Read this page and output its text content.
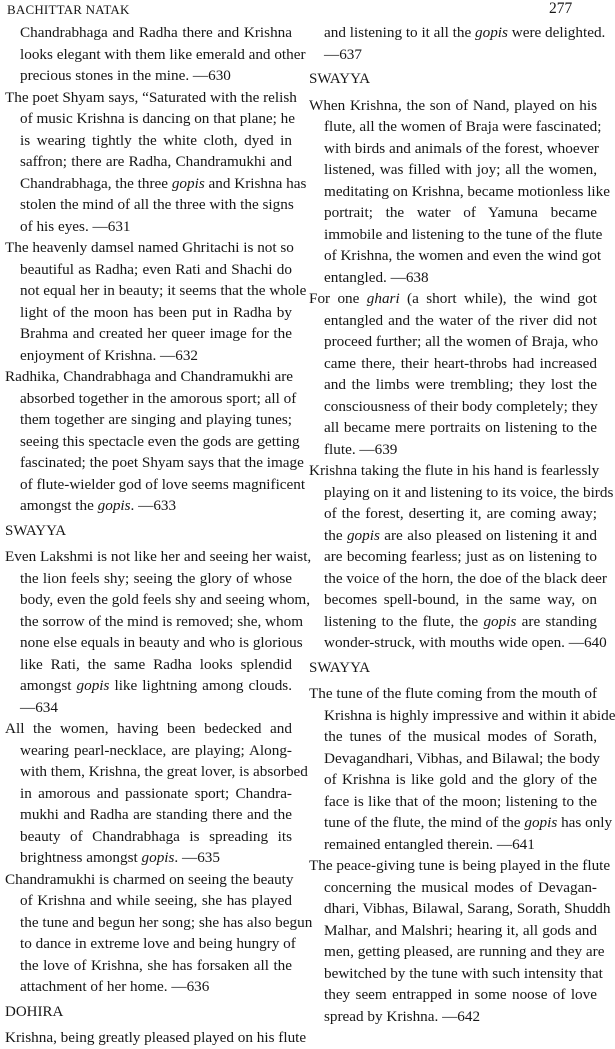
BACHITTAR NATAK	277
Chandrabhaga and Radha there and Krishna
looks elegant with them like emerald and other
precious stones in the mine. —630
The poet Shyam says, “Saturated with the relish
of music Krishna is dancing on that plane; he
is wearing tightly the white cloth, dyed in
saffron; there are Radha, Chandramukhi and
Chandrabhaga, the three gopis and Krishna has
stolen the mind of all the three with the signs
of his eyes. —631
The heavenly damsel named Ghritachi is not so
beautiful as Radha; even Rati and Shachi do
not equal her in beauty; it seems that the whole
light of the moon has been put in Radha by
Brahma and created her queer image for the
enjoyment of Krishna. —632
Radhika, Chandrabhaga and Chandramukhi are
absorbed together in the amorous sport; all of
them together are singing and playing tunes;
seeing this spectacle even the gods are getting
fascinated; the poet Shyam says that the image
of flute-wielder god of love seems magnificent
amongst the gopis. —633
SWAYYA
Even Lakshmi is not like her and seeing her waist,
the lion feels shy; seeing the glory of whose
body, even the gold feels shy and seeing whom,
the sorrow of the mind is removed; she, whom
none else equals in beauty and who is glorious
like Rati, the same Radha looks splendid
amongst gopis like lightning among clouds.
—634
All the women, having been bedecked and
wearing pearl-necklace, are playing; Along-
with them, Krishna, the great lover, is absorbed
in amorous and passionate sport; Chandra-
mukhi and Radha are standing there and the
beauty of Chandrabhaga is spreading its
brightness amongst gopis. —635
Chandramukhi is charmed on seeing the beauty
of Krishna and while seeing, she has played
the tune and begun her song; she has also begun
to dance in extreme love and being hungry of
the love of Krishna, she has forsaken all the
attachment of her home. —636
DOHIRA
Krishna, being greatly pleased played on his flute
and listening to it all the gopis were delighted.
—637
SWAYYA
When Krishna, the son of Nand, played on his
flute, all the women of Braja were fascinated;
with birds and animals of the forest, whoever
listened, was filled with joy; all the women,
meditating on Krishna, became motionless like
portrait; the water of Yamuna became
immobile and listening to the tune of the flute
of Krishna, the women and even the wind got
entangled. —638
For one ghari (a short while), the wind got
entangled and the water of the river did not
proceed further; all the women of Braja, who
came there, their heart-throbs had increased
and the limbs were trembling; they lost the
consciousness of their body completely; they
all became mere portraits on listening to the
flute. —639
Krishna taking the flute in his hand is fearlessly
playing on it and listening to its voice, the birds
of the forest, deserting it, are coming away;
the gopis are also pleased on listening it and
are becoming fearless; just as on listening to
the voice of the horn, the doe of the black deer
becomes spell-bound, in the same way, on
listening to the flute, the gopis are standing
wonder-struck, with mouths wide open. —640
SWAYYA
The tune of the flute coming from the mouth of
Krishna is highly impressive and within it abide
the tunes of the musical modes of Sorath,
Devagandhari, Vibhas, and Bilawal; the body
of Krishna is like gold and the glory of the
face is like that of the moon; listening to the
tune of the flute, the mind of the gopis has only
remained entangled therein. —641
The peace-giving tune is being played in the flute
concerning the musical modes of Devagan-
dhari, Vibhas, Bilawal, Sarang, Sorath, Shuddh
Malhar, and Malshri; hearing it, all gods and
men, getting pleased, are running and they are
bewitched by the tune with such intensity that
they seem entrapped in some noose of love
spread by Krishna. —642
